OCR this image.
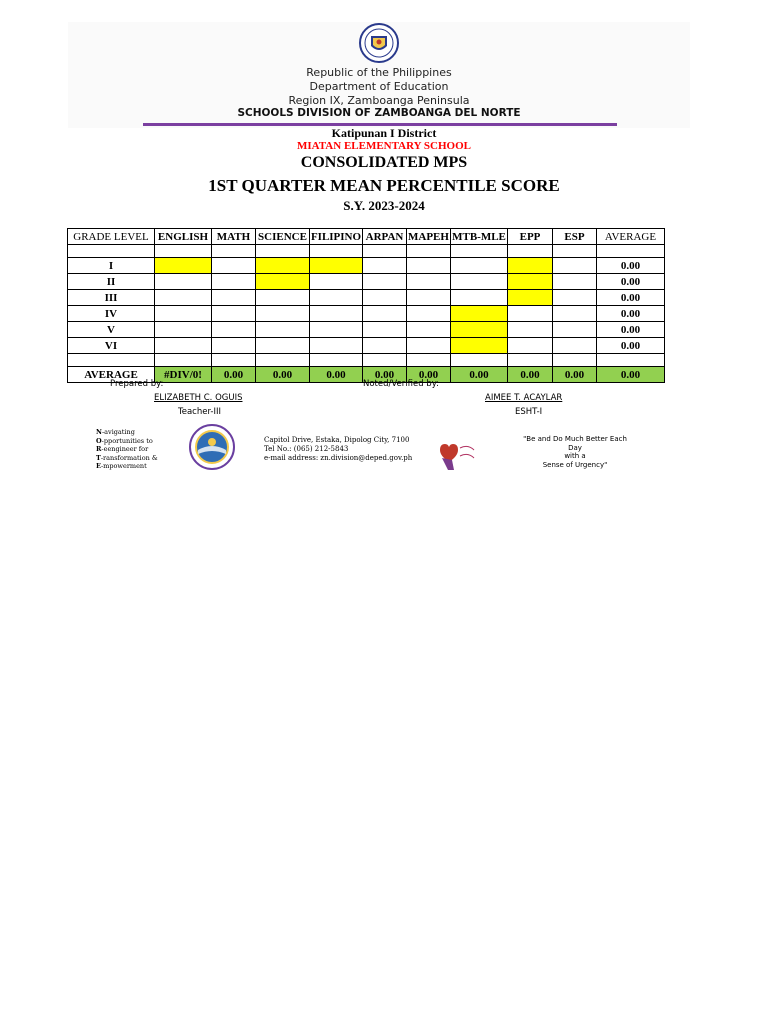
Republic of the Philippines
Department of Education
Region IX, Zamboanga Peninsula
SCHOOLS DIVISION OF ZAMBOANGA DEL NORTE
Katipunan I District
MIATAN ELEMENTARY SCHOOL
CONSOLIDATED MPS
1ST QUARTER MEAN PERCENTILE SCORE
S.Y. 2023-2024
GRADE LEVEL	ENGLISH	MATH	SCIENCE	FILIPINO	ARPAN	MAPEH	MTB-MLE	EPP	ESP	AVERAGE

I										0.00
II										0.00
III										0.00
IV										0.00
V										0.00
VI										0.00

AVERAGE	#DIV/0!	0.00	0.00	0.00	0.00	0.00	0.00	0.00	0.00	0.00
Prepared by:
ELIZABETH C. OGUIS
Teacher-III
Noted/Verified by:
AIMEE T. ACAYLAR
ESHT-I
N-avigating
O-pportunities to
R-eengineer for
T-ransformation &
E-mpowerment
Capitol Drive, Estaka, Dipolog City, 7100
Tel No.: (065) 212-5843
e-mail address: zn.division@deped.gov.ph
"Be and Do Much Better Each
Day
with a
Sense of Urgency"
